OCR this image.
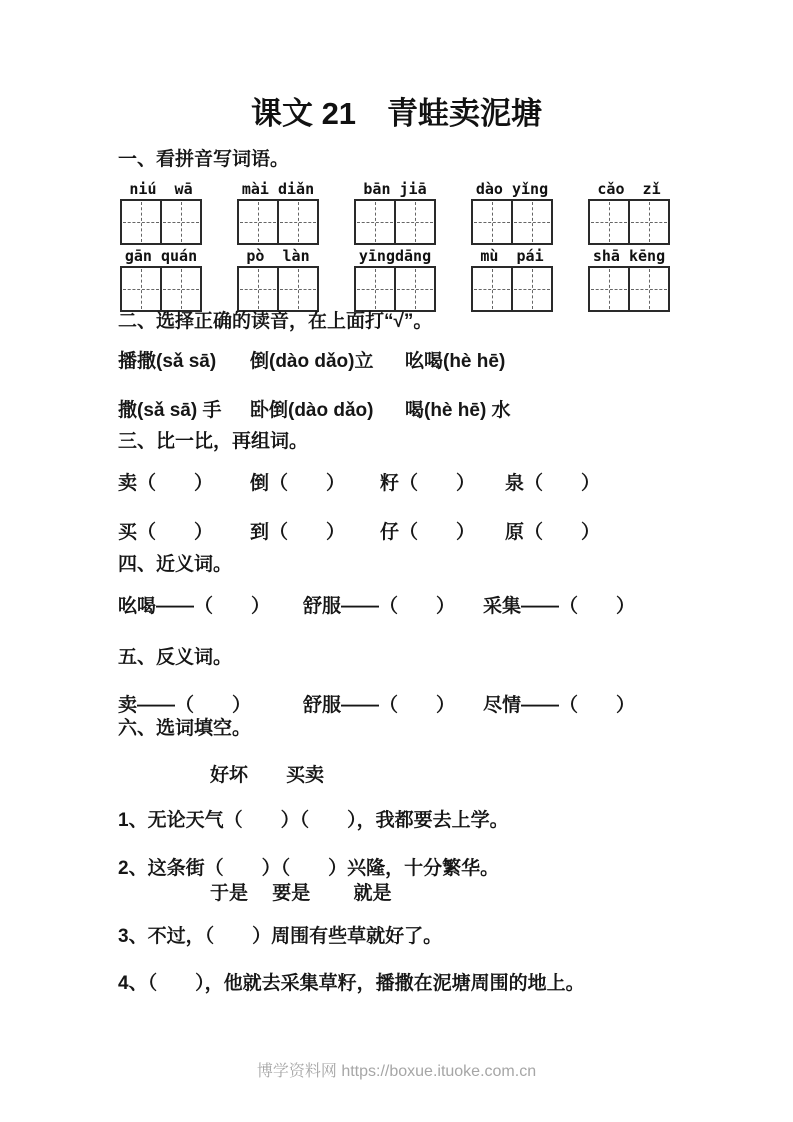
课文 21　青蛙卖泥塘
一、看拼音写词语。
niú  wā	mài diǎn	bān jiā	dào yǐng	cǎo  zǐ
gān quán	pò  làn	yīngdāng	mù  pái	shā kēng
二、选择正确的读音，在上面打“√”。
播撒(sǎ sā)	倒(dào dǎo)立	吆喝(hè hē)
撒(sǎ sā) 手	卧倒(dào dǎo)	喝(hè hē) 水
三、比一比，再组词。
卖（　　）	倒（　　）	籽（　　）	泉（　　）
买（　　）	到（　　）	仔（　　）	原（　　）
四、近义词。
吆喝——（　　）	舒服——（　　）	采集——（　　）
五、反义词。
卖——（　　）	舒服——（　　）	尽情——（　　）
六、选词填空。
好坏　　买卖
1、无论天气（　　）（　　），我都要去上学。
2、这条街（　　）（　　）兴隆，十分繁华。
于是　 要是　　 就是
3、不过，（　　）周围有些草就好了。
4、（　　），他就去采集草籽，播撒在泥塘周围的地上。
博学资料网 https://boxue.ituoke.com.cn
